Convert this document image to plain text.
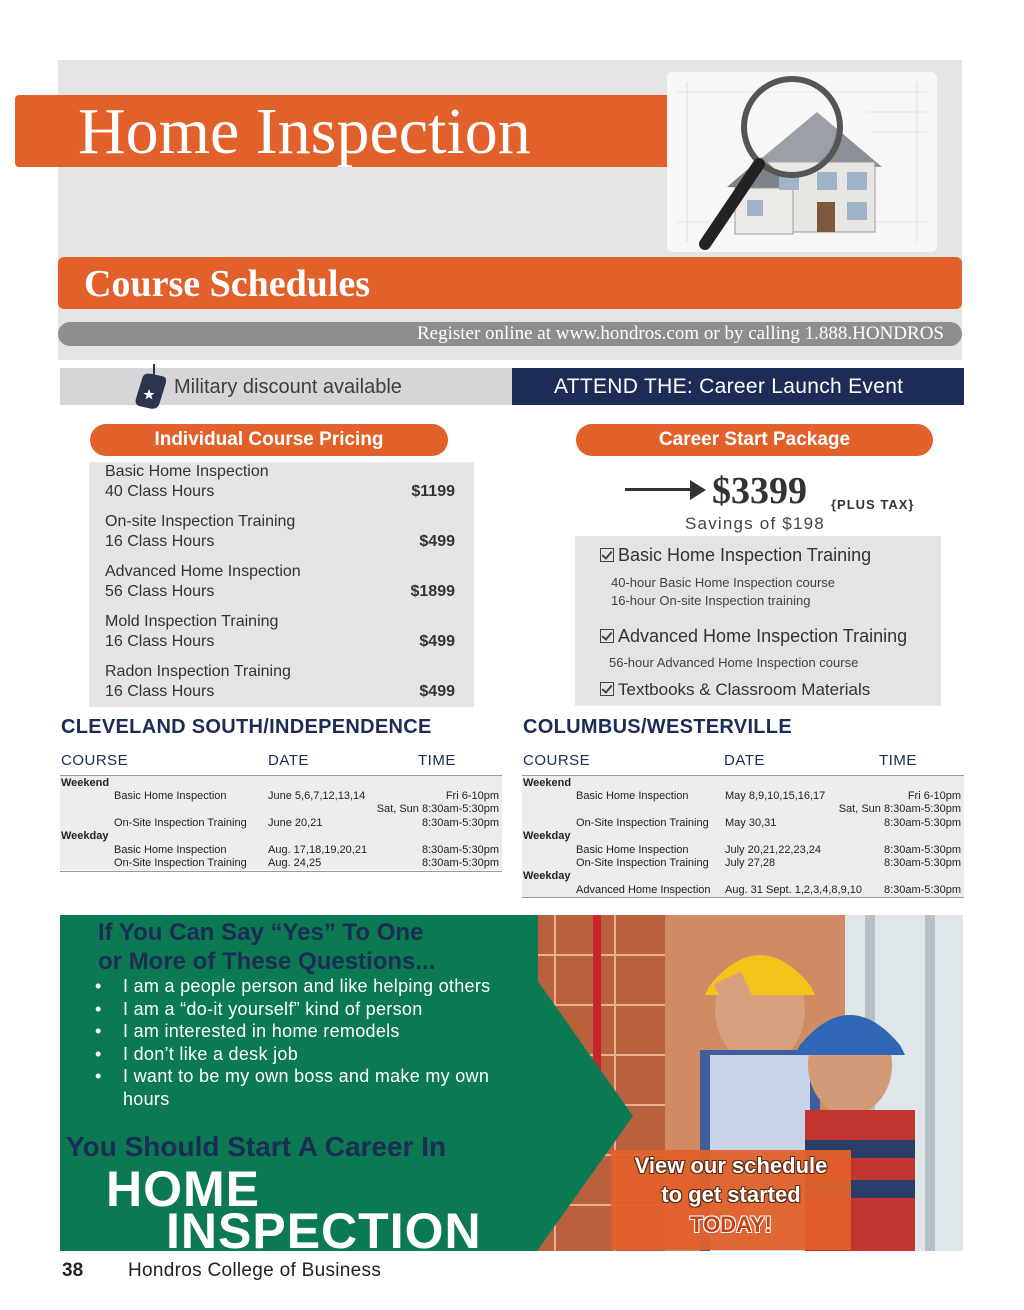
Home Inspection
Course Schedules
Register online at www.hondros.com or by calling 1.888.HONDROS
Military discount available	ATTEND THE: Career Launch Event
Individual Course Pricing	Career Start Package
Basic Home Inspection
40 Class Hours	$1199
On-site Inspection Training
16 Class Hours	$499
Advanced Home Inspection
56 Class Hours	$1899
Mold Inspection Training
16 Class Hours	$499
Radon Inspection Training
16 Class Hours	$499
$3399 {PLUS TAX}
Savings of $198
Basic Home Inspection Training
40-hour Basic Home Inspection course
16-hour On-site Inspection training
Advanced Home Inspection Training
56-hour Advanced Home Inspection course
Textbooks & Classroom Materials
CLEVELAND SOUTH/INDEPENDENCE
COURSE	DATE	TIME
Weekend
Basic Home Inspection	June 5,6,7,12,13,14	Fri 6-10pm
Sat, Sun 8:30am-5:30pm
On-Site Inspection Training June 20,21	8:30am-5:30pm
Weekday
Basic Home Inspection	Aug. 17,18,19,20,21	8:30am-5:30pm
On-Site Inspection Training Aug. 24,25	8:30am-5:30pm
COLUMBUS/WESTERVILLE
COURSE	DATE	TIME
Weekend
Basic Home Inspection	May 8,9,10,15,16,17	Fri 6-10pm
Sat, Sun 8:30am-5:30pm
On-Site Inspection Training May 30,31	8:30am-5:30pm
Weekday
Basic Home Inspection	July 20,21,22,23,24	8:30am-5:30pm
On-Site Inspection Training July 27,28	8:30am-5:30pm
Weekday
Advanced Home Inspection Aug. 31 Sept. 1,2,3,4,8,9,10	8:30am-5:30pm
If You Can Say “Yes” To One
or More of These Questions...
• I am a people person and like helping others
• I am a “do-it yourself” kind of person
• I am interested in home remodels
• I don’t like a desk job
• I want to be my own boss and make my own hours
You Should Start A Career In
HOME
INSPECTION
View our schedule
to get started
TODAY!
38 Hondros College of Business
